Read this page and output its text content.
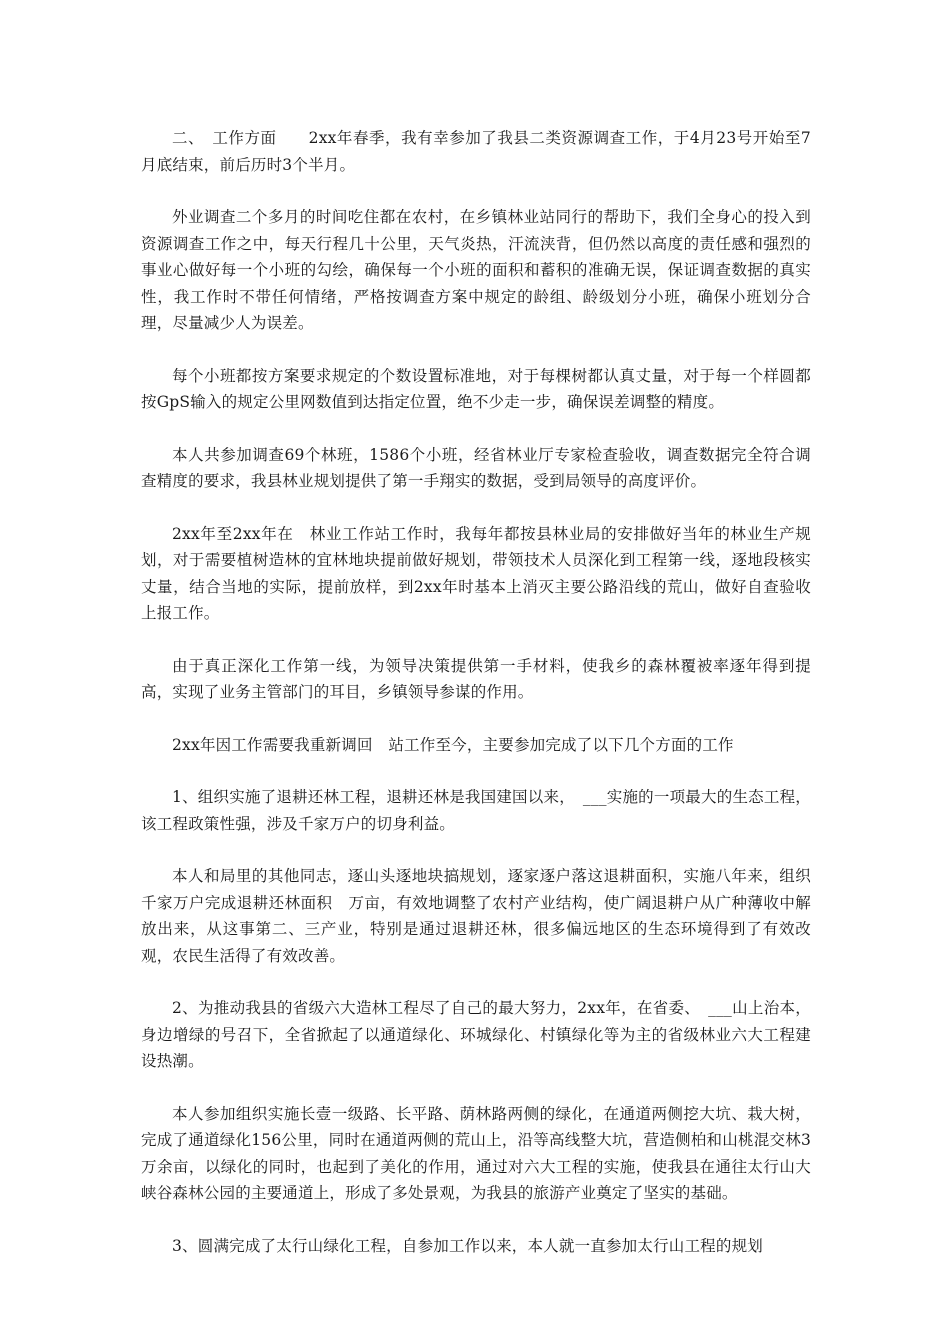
二、　工作方面　　2xx年春季，我有幸参加了我县二类资源调查工作，于4月23号开始至7月底结束，前后历时3个半月。

外业调查二个多月的时间吃住都在农村，在乡镇林业站同行的帮助下，我们全身心的投入到资源调查工作之中，每天行程几十公里，天气炎热，汗流浃背，但仍然以高度的责任感和强烈的事业心做好每一个小班的勾绘，确保每一个小班的面积和蓄积的准确无误，保证调查数据的真实性，我工作时不带任何情绪，严格按调查方案中规定的龄组、龄级划分小班，确保小班划分合理，尽量减少人为误差。

每个小班都按方案要求规定的个数设置标准地，对于每棵树都认真丈量，对于每一个样圆都按GpS输入的规定公里网数值到达指定位置，绝不少走一步，确保误差调整的精度。

本人共参加调查69个林班，1586个小班，经省林业厅专家检查验收，调查数据完全符合调查精度的要求，我县林业规划提供了第一手翔实的数据，受到局领导的高度评价。

2xx年至2xx年在　林业工作站工作时，我每年都按县林业局的安排做好当年的林业生产规划，对于需要植树造林的宜林地块提前做好规划，带领技术人员深化到工程第一线，逐地段核实丈量，结合当地的实际，提前放样，到2xx年时基本上消灭主要公路沿线的荒山，做好自查验收上报工作。

由于真正深化工作第一线，为领导决策提供第一手材料，使我乡的森林覆被率逐年得到提高，实现了业务主管部门的耳目，乡镇领导参谋的作用。

2xx年因工作需要我重新调回　站工作至今，主要参加完成了以下几个方面的工作

1、组织实施了退耕还林工程，退耕还林是我国建国以来，　___实施的一项最大的生态工程，该工程政策性强，涉及千家万户的切身利益。

本人和局里的其他同志，逐山头逐地块搞规划，逐家逐户落这退耕面积，实施八年来，组织千家万户完成退耕还林面积　万亩，有效地调整了农村产业结构，使广阔退耕户从广种薄收中解放出来，从这事第二、三产业，特别是通过退耕还林，很多偏远地区的生态环境得到了有效改观，农民生活得了有效改善。

2、为推动我县的省级六大造林工程尽了自己的最大努力，2xx年，在省委、　___山上治本，身边增绿的号召下，全省掀起了以通道绿化、环城绿化、村镇绿化等为主的省级林业六大工程建设热潮。

本人参加组织实施长壹一级路、长平路、荫林路两侧的绿化，在通道两侧挖大坑、栽大树，完成了通道绿化156公里，同时在通道两侧的荒山上，沿等高线整大坑，营造侧柏和山桃混交林3万余亩，以绿化的同时，也起到了美化的作用，通过对六大工程的实施，使我县在通往太行山大峡谷森林公园的主要通道上，形成了多处景观，为我县的旅游产业奠定了坚实的基础。

3、圆满完成了太行山绿化工程，自参加工作以来，本人就一直参加太行山工程的规划
